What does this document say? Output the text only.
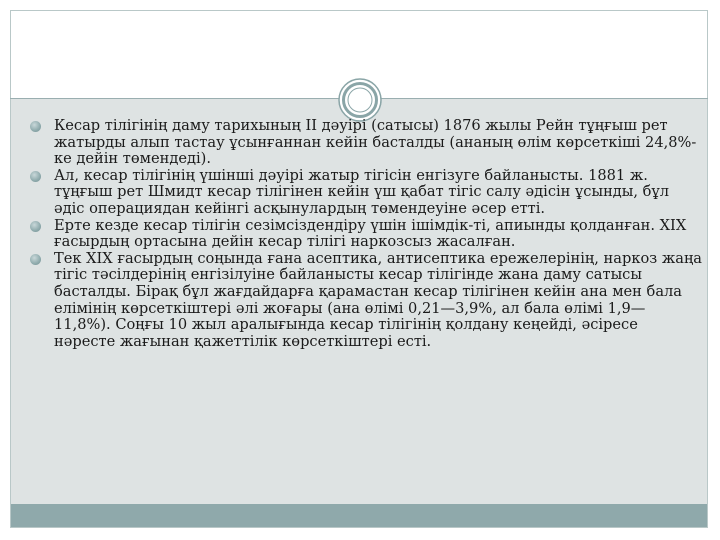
Кесар тілігінің даму тарихының II дәуірі (сатысы) 1876 жылы Рейн тұңғыш рет жатырды алып тастау ұсынғаннан кейін басталды (ананың өлім көрсеткіші 24,8%-ке дейін төмендеді).
Ал, кесар тілігінің үшінші дәуірі жатыр тігісін енгізуге байланысты. 1881 ж. тұңғыш рет Шмидт кесар тілігінен кейін үш қабат тігіс салу әдісін ұсынды, бұл әдіс операциядан кейінгі асқынулардың төмендеуіне әсер етті.
Ерте кезде кесар тілігін сезімсіздендіру үшін ішімдік-ті, апиынды қолданған. XIX ғасырдың ортасына дейін кесар тілігі наркозсыз жасалған.
Тек XIX ғасырдың соңында ғана асептика, антисептика ережелерінің, наркоз жаңа тігіс тәсілдерінің енгізілуіне байланысты кесар тілігінде жана даму сатысы басталды. Бірақ бұл жағдайдарға қарамастан кесар тілігінен кейін ана мен бала елімінің көрсеткіштері әлі жоғары (ана өлімі 0,21—3,9%, ал бала өлімі 1,9—11,8%). Соңғы 10 жыл аралығында кесар тілігінің қолдану кеңейді, әсіресе нәресте жағынан қажеттілік көрсеткіштері есті.
